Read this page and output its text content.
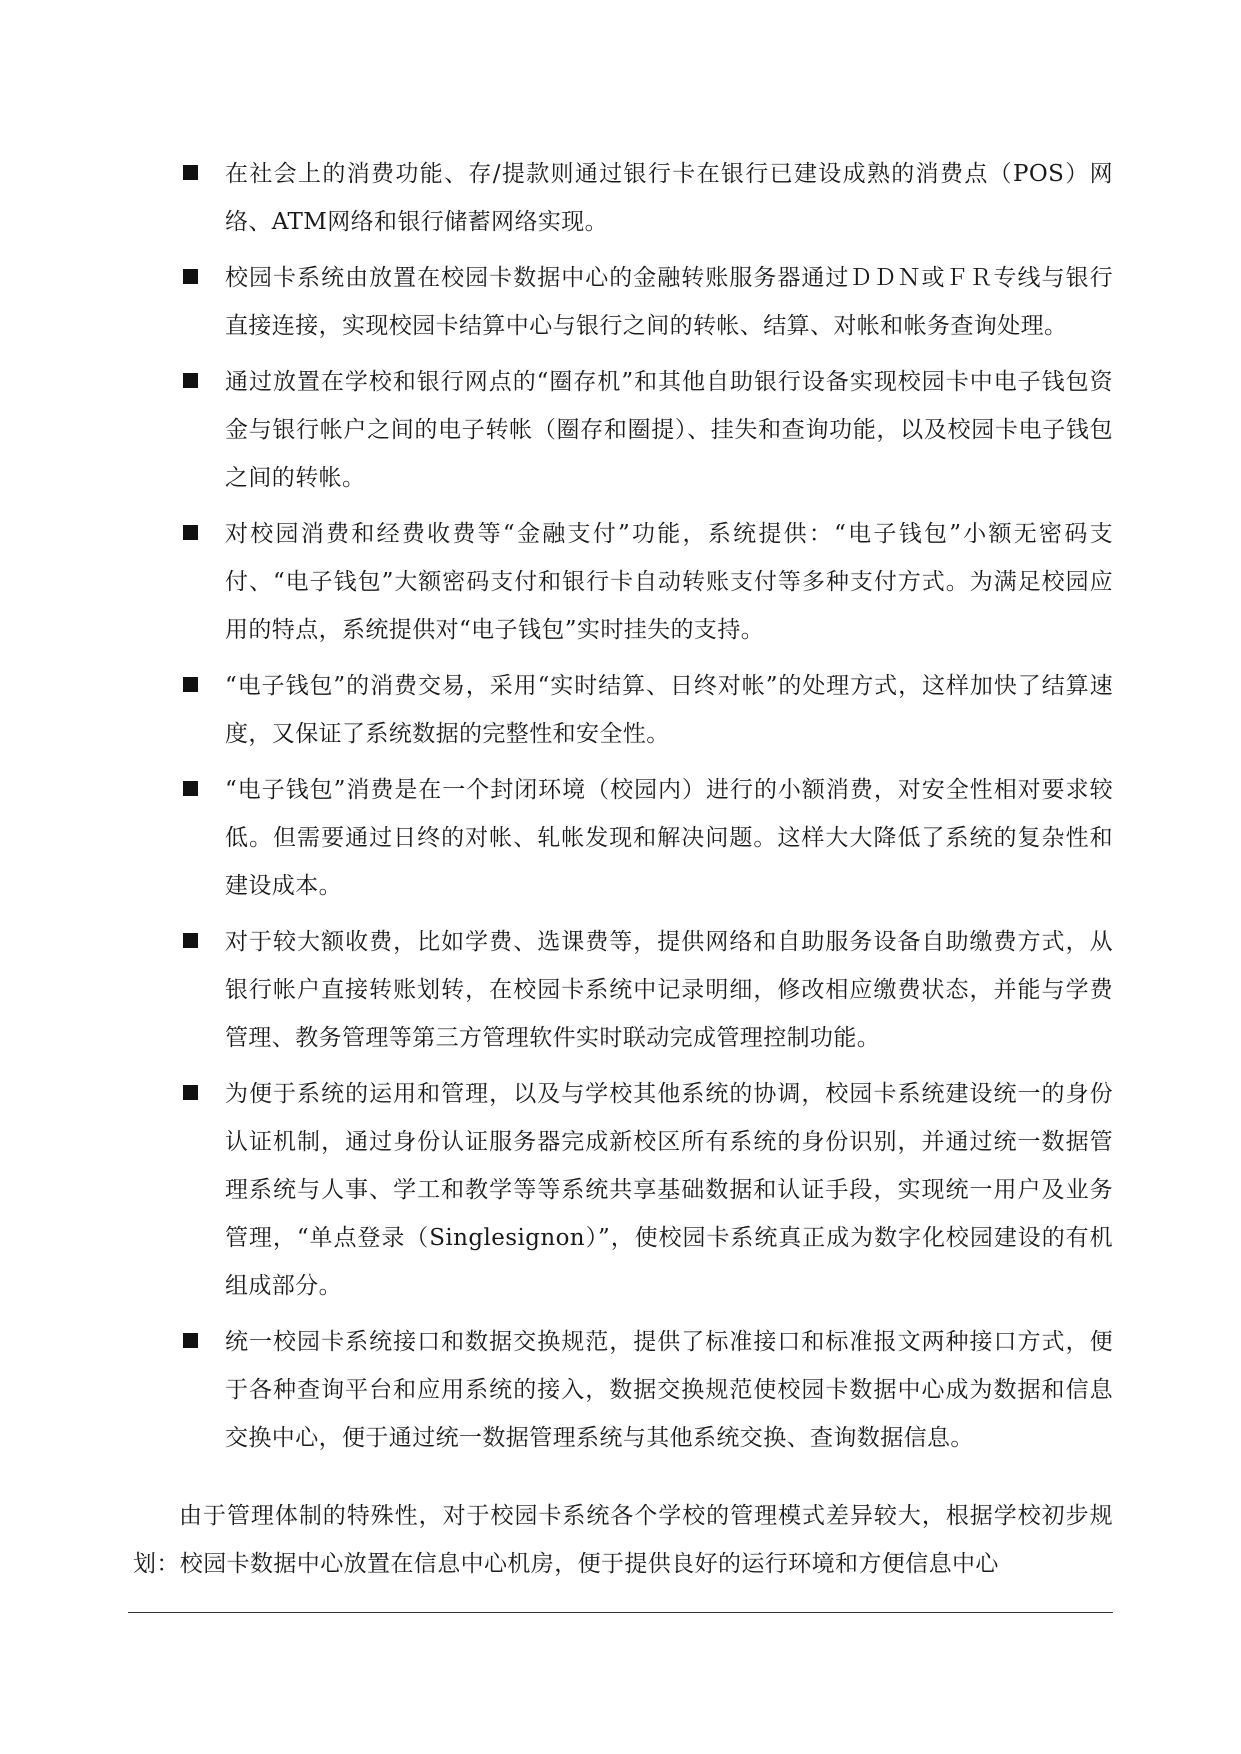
在社会上的消费功能、存/提款则通过银行卡在银行已建设成熟的消费点（POS）网络、ATM网络和银行储蓄网络实现。
校园卡系统由放置在校园卡数据中心的金融转账服务器通过ＤＤＮ或ＦＲ专线与银行直接连接，实现校园卡结算中心与银行之间的转帐、结算、对帐和帐务查询处理。
通过放置在学校和银行网点的“圈存机”和其他自助银行设备实现校园卡中电子钱包资金与银行帐户之间的电子转帐（圈存和圈提）、挂失和查询功能，以及校园卡电子钱包之间的转帐。
对校园消费和经费收费等“金融支付”功能，系统提供：“电子钱包”小额无密码支付、“电子钱包”大额密码支付和银行卡自动转账支付等多种支付方式。为满足校园应用的特点，系统提供对“电子钱包”实时挂失的支持。
“电子钱包”的消费交易，采用“实时结算、日终对帐”的处理方式，这样加快了结算速度，又保证了系统数据的完整性和安全性。
“电子钱包”消费是在一个封闭环境（校园内）进行的小额消费，对安全性相对要求较低。但需要通过日终的对帐、轧帐发现和解决问题。这样大大降低了系统的复杂性和建设成本。
对于较大额收费，比如学费、选课费等，提供网络和自助服务设备自助缴费方式，从银行帐户直接转账划转，在校园卡系统中记录明细，修改相应缴费状态，并能与学费管理、教务管理等第三方管理软件实时联动完成管理控制功能。
为便于系统的运用和管理，以及与学校其他系统的协调，校园卡系统建设统一的身份认证机制，通过身份认证服务器完成新校区所有系统的身份识别，并通过统一数据管理系统与人事、学工和教学等等系统共享基础数据和认证手段，实现统一用户及业务管理，“单点登录（Singlesignon）”，使校园卡系统真正成为数字化校园建设的有机组成部分。
统一校园卡系统接口和数据交换规范，提供了标准接口和标准报文两种接口方式，便于各种查询平台和应用系统的接入，数据交换规范使校园卡数据中心成为数据和信息交换中心，便于通过统一数据管理系统与其他系统交换、查询数据信息。

由于管理体制的特殊性，对于校园卡系统各个学校的管理模式差异较大，根据学校初步规划：校园卡数据中心放置在信息中心机房，便于提供良好的运行环境和方便信息中心
